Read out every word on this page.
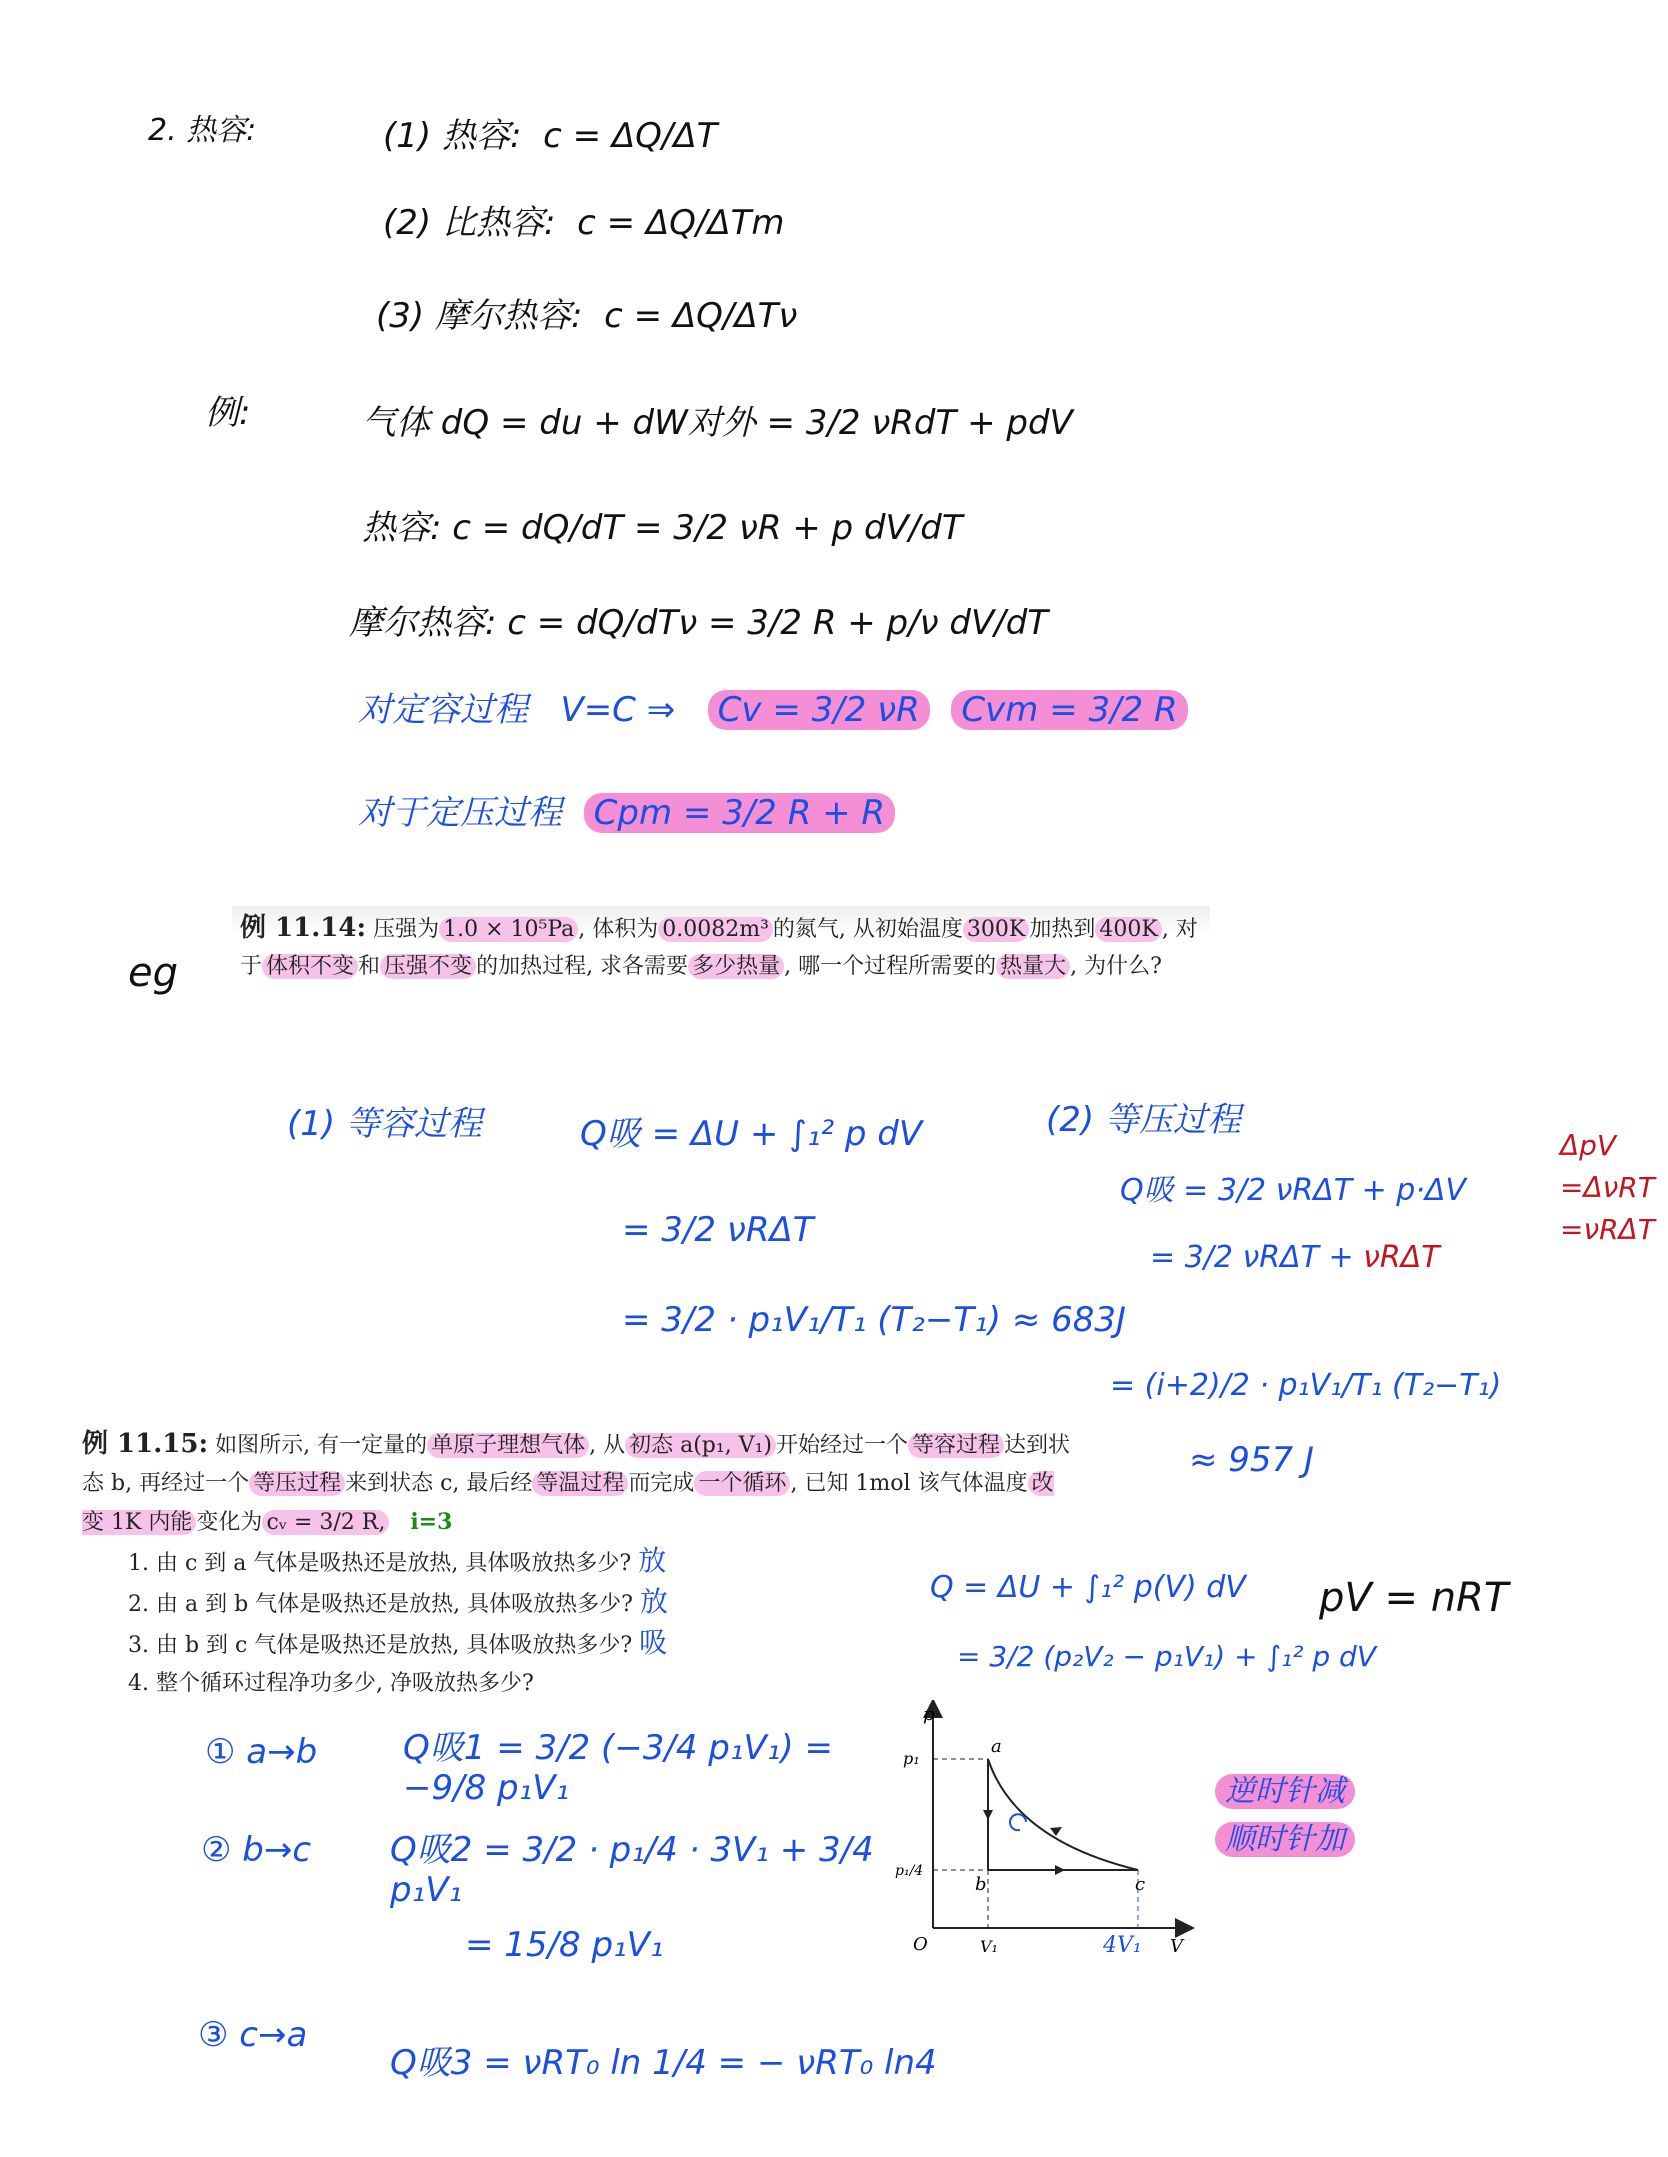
2. 热容:	(1) 热容: c = ΔQ/ΔT
(2) 比热容: c = ΔQ/ΔTm
(3) 摩尔热容: c = ΔQ/ΔTν
例:	气体 dQ = du + dW对外 = 3/2 νRdT + pdV
热容: c = dQ/dT = 3/2 νR + p dV/dT
摩尔热容: c = dQ/dTν = 3/2 R + p/ν dV/dT
对定容过程 V=C ⇒ Cv = 3/2 νR Cvm = 3/2 R
对于定压过程 Cpm = 3/2 R + R
eg
例 11.14: 压强为 1.0 × 10⁵Pa , 体积为 0.0082m³ 的氮气, 从初始温度 300K 加热到 400K , 对于 体积不变 和 压强不变 的加热过程, 求各需要 多少热量 , 哪一个过程所需要的 热量大 , 为什么?
(1) 等容过程	Q吸 = ΔU + ∫₁² p dV
= 3/2 νRΔT
= 3/2 · p₁V₁/T₁ (T₂−T₁) ≈ 683J
(2) 等压过程
Q吸 = 3/2 νRΔT + p·ΔV
= 3/2 νRΔT + νRΔT
= (i+2)/2 · p₁V₁/T₁ (T₂−T₁)
≈ 957 J
ΔpV
=ΔνRT
=νRΔT
例 11.15: 如图所示, 有一定量的 单原子理想气体 , 从 初态 a(p₁, V₁) 开始经过一个 等容过程 达到状态 b, 再经过一个 等压过程 来到状态 c, 最后经 等温过程 而完成 一个循环 , 已知 1mol 该气体温度 改变 1K 内能 变化为 cᵥ = 3/2 R, i=3
1. 由 c 到 a 气体是吸热还是放热, 具体吸放热多少? 放
2. 由 a 到 b 气体是吸热还是放热, 具体吸放热多少? 放
3. 由 b 到 c 气体是吸热还是放热, 具体吸放热多少? 吸
4. 整个循环过程净功多少, 净吸放热多少?
Q = ΔU + ∫₁² p(V) dV
= 3/2 (p₂V₂ − p₁V₁) + ∫₁² p dV
pV = nRT
① a→b	Q吸1 = 3/2 (−3/4 p₁V₁) = −9/8 p₁V₁
② b→c Q吸2 = 3/2 · p₁/4 · 3V₁ + 3/4 p₁V₁
= 15/8 p₁V₁
③ c→a
Q吸3 = νRT₀ ln 1/4 = − νRT₀ ln4
p
V
O
p₁
p₁/4
V₁	4V₁
a
b	c
逆时针减
顺时针加
